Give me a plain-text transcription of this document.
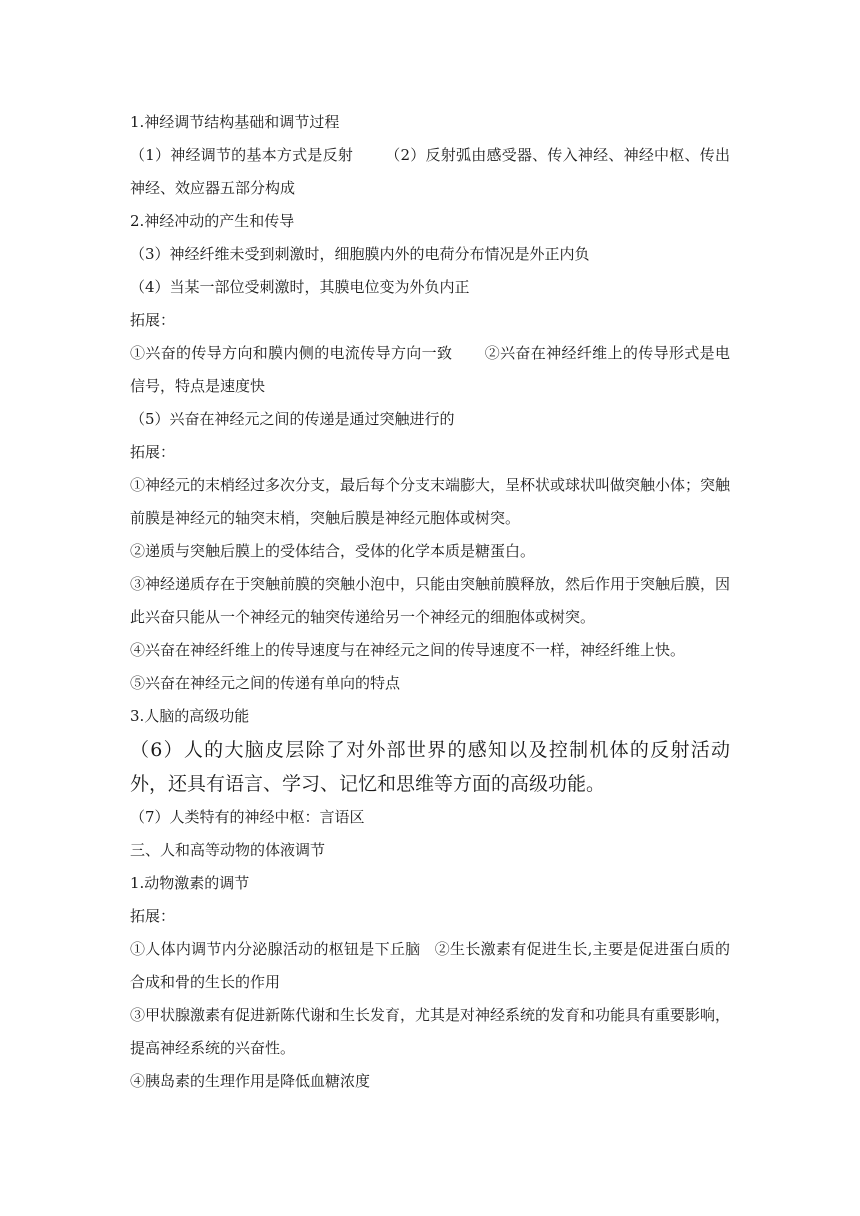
1.神经调节结构基础和调节过程

（1）神经调节的基本方式是反射 （2）反射弧由感受器、传入神经、神经中枢、传出神经、效应器五部分构成

2.神经冲动的产生和传导

（3）神经纤维未受到刺激时，细胞膜内外的电荷分布情况是外正内负

（4）当某一部位受刺激时，其膜电位变为外负内正

拓展：

①兴奋的传导方向和膜内侧的电流传导方向一致 ②兴奋在神经纤维上的传导形式是电信号，特点是速度快

（5）兴奋在神经元之间的传递是通过突触进行的

拓展：

①神经元的末梢经过多次分支，最后每个分支末端膨大，呈杯状或球状叫做突触小体；突触前膜是神经元的轴突末梢，突触后膜是神经元胞体或树突。

②递质与突触后膜上的受体结合，受体的化学本质是糖蛋白。

③神经递质存在于突触前膜的突触小泡中，只能由突触前膜释放，然后作用于突触后膜，因此兴奋只能从一个神经元的轴突传递给另一个神经元的细胞体或树突。

④兴奋在神经纤维上的传导速度与在神经元之间的传导速度不一样，神经纤维上快。

⑤兴奋在神经元之间的传递有单向的特点

3.人脑的高级功能

（6）人的大脑皮层除了对外部世界的感知以及控制机体的反射活动外，还具有语言、学习、记忆和思维等方面的高级功能。

（7）人类特有的神经中枢：言语区

三、人和高等动物的体液调节

1.动物激素的调节

拓展：

①人体内调节内分泌腺活动的枢钮是下丘脑 ②生长激素有促进生长,主要是促进蛋白质的合成和骨的生长的作用

③甲状腺激素有促进新陈代谢和生长发育，尤其是对神经系统的发育和功能具有重要影响，提高神经系统的兴奋性。

④胰岛素的生理作用是降低血糖浓度
